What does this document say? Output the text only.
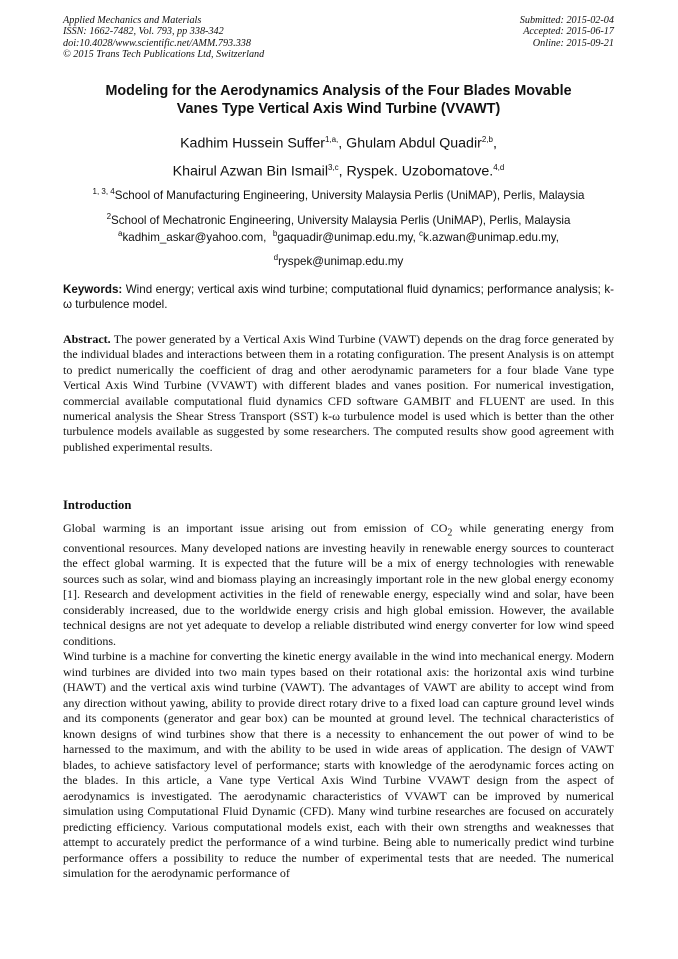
Applied Mechanics and Materials
ISSN: 1662-7482, Vol. 793, pp 338-342
doi:10.4028/www.scientific.net/AMM.793.338
© 2015 Trans Tech Publications Ltd, Switzerland
Submitted: 2015-02-04
Accepted: 2015-06-17
Online: 2015-09-21
Modeling for the Aerodynamics Analysis of the Four Blades Movable
Vanes Type Vertical Axis Wind Turbine (VVAWT)
Kadhim Hussein Suffer$^{1,a,}$, Ghulam Abdul Quadir$^{2,b}$,
Khairul Azwan Bin Ismail$^{3,c}$, Ryspek. Uzobomatove.$^{4,d}$
$^{1, 3, 4}$School of Manufacturing Engineering, University Malaysia Perlis (UniMAP), Perlis, Malaysia
$^2$School of Mechatronic Engineering, University Malaysia Perlis (UniMAP), Perlis, Malaysia
$^a$kadhim_askar@yahoo.com, $^b$gaquadir@unimap.edu.my, $^c$k.azwan@unimap.edu.my,
$^d$ryspek@unimap.edu.my
Keywords: Wind energy; vertical axis wind turbine; computational fluid dynamics; performance analysis; k-ω turbulence model.
Abstract. The power generated by a Vertical Axis Wind Turbine (VAWT) depends on the drag force generated by the individual blades and interactions between them in a rotating configuration. The present Analysis is on attempt to predict numerically the coefficient of drag and other aerodynamic parameters for a four blade Vane type Vertical Axis Wind Turbine (VVAWT) with different blades and vanes position. For numerical investigation, commercial available computational fluid dynamics CFD software GAMBIT and FLUENT are used. In this numerical analysis the Shear Stress Transport (SST) k-ω turbulence model is used which is better than the other turbulence models available as suggested by some researchers. The computed results show good agreement with published experimental results.
Introduction

Global warming is an important issue arising out from emission of $CO_2$ while generating energy from conventional resources. Many developed nations are investing heavily in renewable energy sources to counteract the effect global warming. It is expected that the future will be a mix of energy technologies with renewable sources such as solar, wind and biomass playing an increasingly important role in the new global energy economy [1]. Research and development activities in the field of renewable energy, especially wind and solar, have been considerably increased, due to the worldwide energy crisis and high global emission. However, the available technical designs are not yet adequate to develop a reliable distributed wind energy converter for low wind speed conditions.

Wind turbine is a machine for converting the kinetic energy available in the wind into mechanical energy. Modern wind turbines are divided into two main types based on their rotational axis: the horizontal axis wind turbine (HAWT) and the vertical axis wind turbine (VAWT). The advantages of VAWT are ability to accept wind from any direction without yawing, ability to provide direct rotary drive to a fixed load can capture ground level winds and its components (generator and gear box) can be mounted at ground level. The technical characteristics of known designs of wind turbines show that there is a necessity to enhancement the out power of wind to be harnessed to the maximum, and with the ability to be used in wide areas of application. The design of VAWT blades, to achieve satisfactory level of performance; starts with knowledge of the aerodynamic forces acting on the blades. In this article, a Vane type Vertical Axis Wind Turbine VVAWT design from the aspect of aerodynamics is investigated. The aerodynamic characteristics of VVAWT can be improved by numerical simulation using Computational Fluid Dynamic (CFD). Many wind turbine researches are focused on accurately predicting efficiency. Various computational models exist, each with their own strengths and weaknesses that attempt to accurately predict the performance of a wind turbine. Being able to numerically predict wind turbine performance offers a possibility to reduce the number of experimental tests that are needed. The numerical simulation for the aerodynamic performance of
